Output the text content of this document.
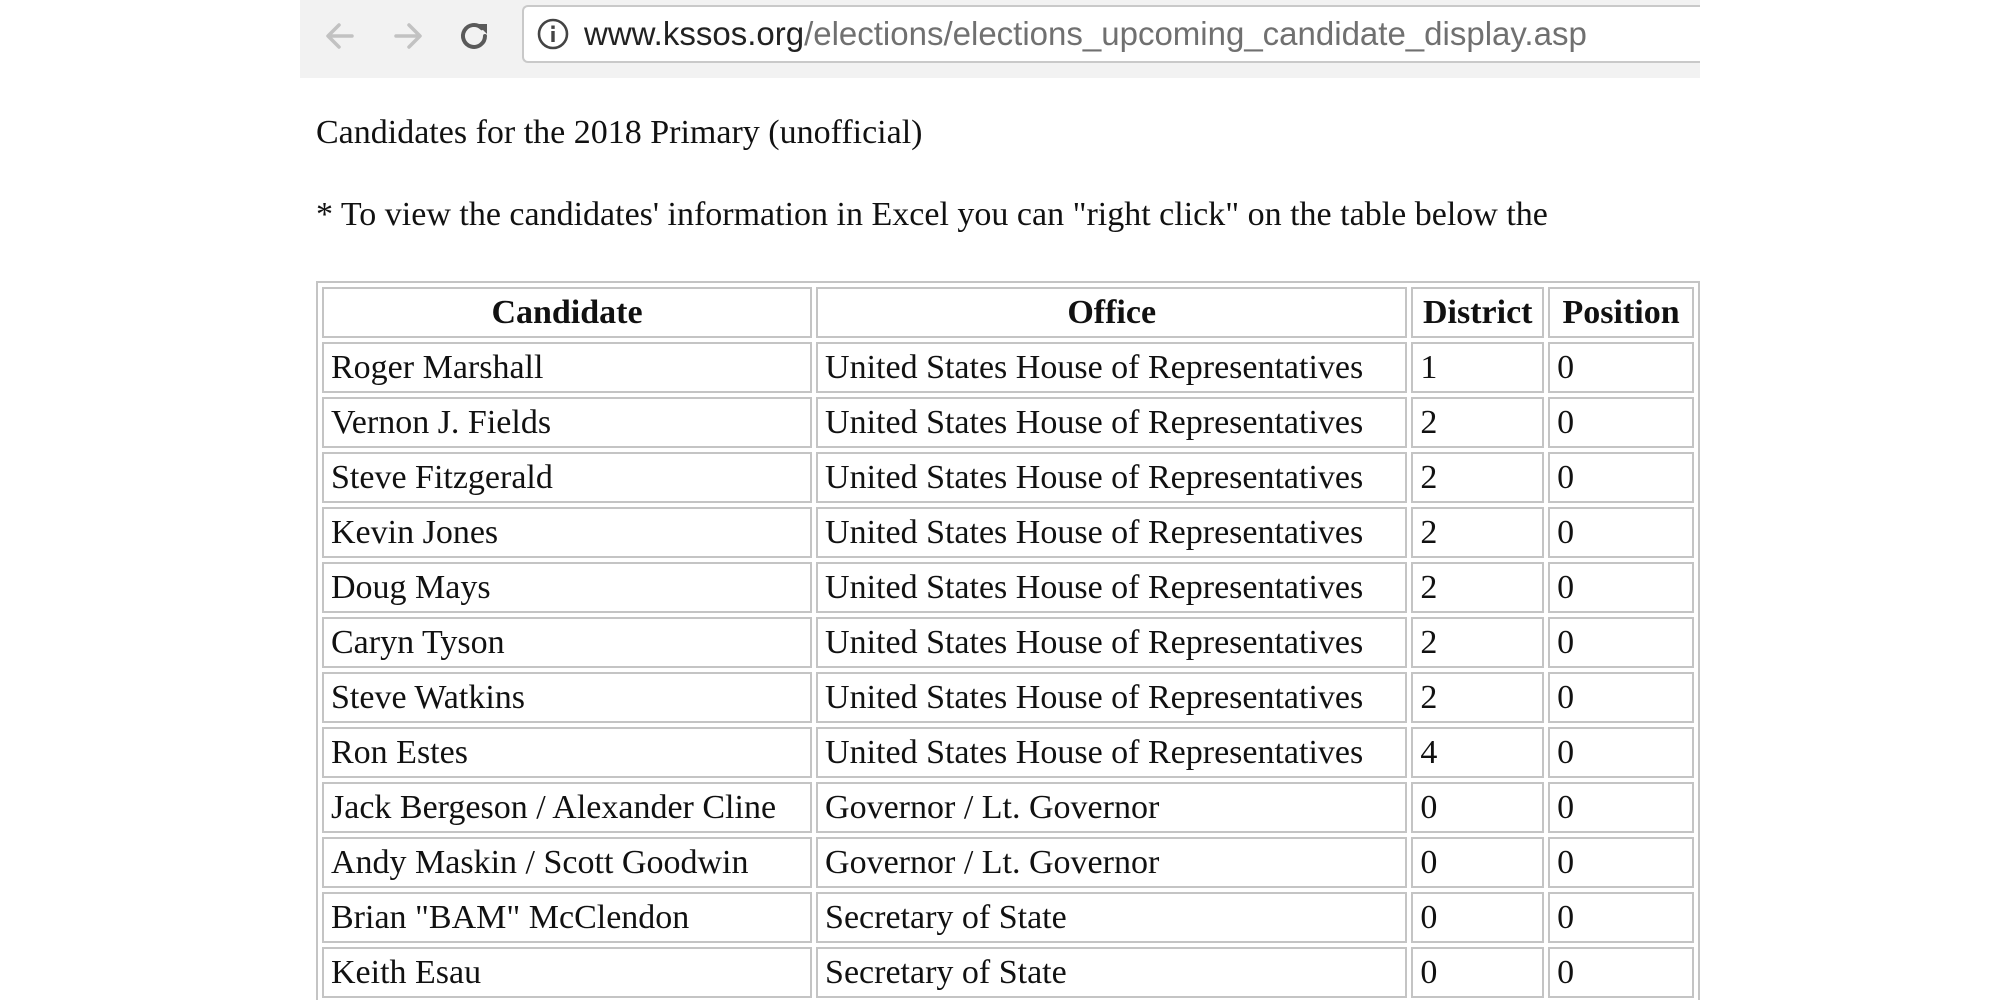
www.kssos.org /elections/elections_upcoming_candidate_display.asp

Candidates for the 2018 Primary (unofficial)

* To view the candidates' information in Excel you can "right click" on the table below the

Candidate	Office	District	Position
Roger Marshall	United States House of Representatives	1	0
Vernon J. Fields	United States House of Representatives	2	0
Steve Fitzgerald	United States House of Representatives	2	0
Kevin Jones	United States House of Representatives	2	0
Doug Mays	United States House of Representatives	2	0
Caryn Tyson	United States House of Representatives	2	0
Steve Watkins	United States House of Representatives	2	0
Ron Estes	United States House of Representatives	4	0
Jack Bergeson / Alexander Cline	Governor / Lt. Governor	0	0
Andy Maskin / Scott Goodwin	Governor / Lt. Governor	0	0
Brian "BAM" McClendon	Secretary of State	0	0
Keith Esau	Secretary of State	0	0
